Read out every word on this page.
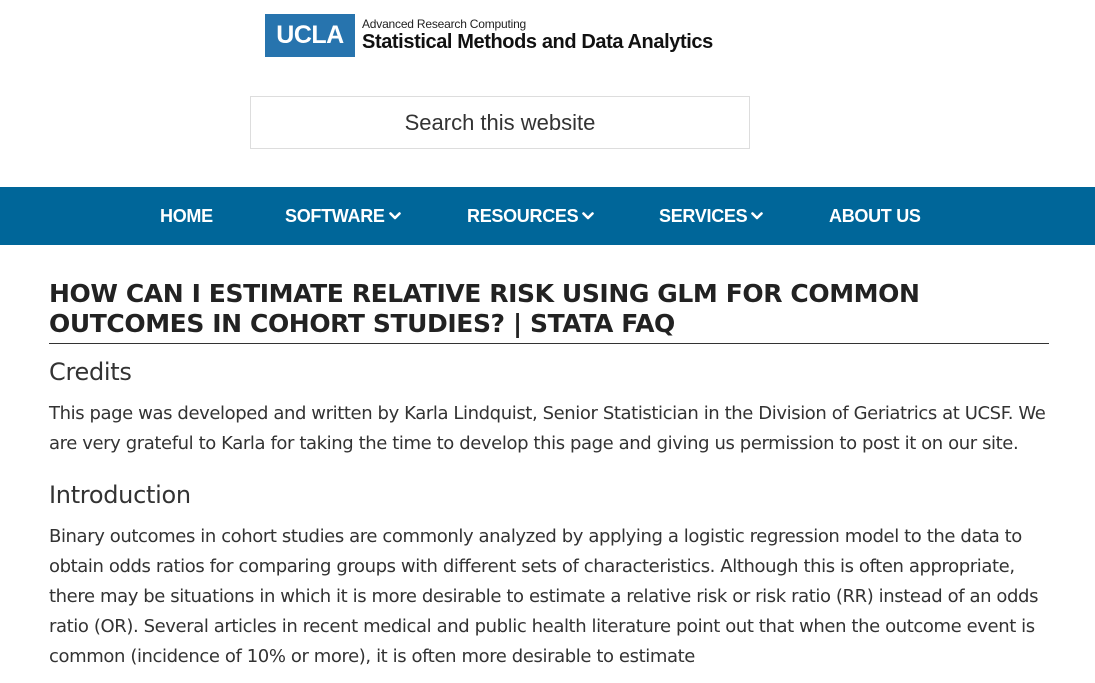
UCLA	Advanced Research Computing
Statistical Methods and Data Analytics
Search this website
HOME	SOFTWARE	RESOURCES	SERVICES	ABOUT US
HOW CAN I ESTIMATE RELATIVE RISK USING GLM FOR COMMON OUTCOMES IN COHORT STUDIES? | STATA FAQ
Credits

This page was developed and written by Karla Lindquist, Senior Statistician in the Division of Geriatrics at UCSF. We are very grateful to Karla for taking the time to develop this page and giving us permission to post it on our site.

Introduction

Binary outcomes in cohort studies are commonly analyzed by applying a logistic regression model to the data to obtain odds ratios for comparing groups with different sets of characteristics. Although this is often appropriate, there may be situations in which it is more desirable to estimate a relative risk or risk ratio (RR) instead of an odds ratio (OR). Several articles in recent medical and public health literature point out that when the outcome event is common (incidence of 10% or more), it is often more desirable to estimate
